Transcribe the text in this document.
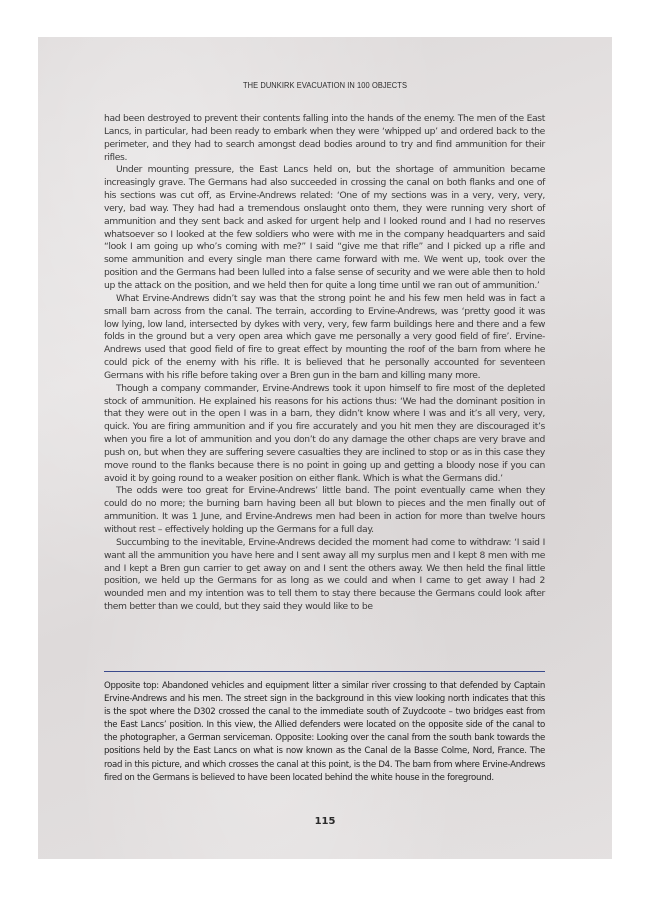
THE DUNKIRK EVACUATION IN 100 OBJECTS

had been destroyed to prevent their contents falling into the hands of the enemy. The men of the East Lancs, in particular, had been ready to embark when they were ‘whipped up’ and ordered back to the perimeter, and they had to search amongst dead bodies around to try and find ammunition for their rifles.

Under mounting pressure, the East Lancs held on, but the shortage of ammunition became increasingly grave. The Germans had also succeeded in crossing the canal on both flanks and one of his sections was cut off, as Ervine-Andrews related: ‘One of my sections was in a very, very, very, very, bad way. They had had a tremendous onslaught onto them, they were running very short of ammunition and they sent back and asked for urgent help and I looked round and I had no reserves whatsoever so I looked at the few soldiers who were with me in the company headquarters and said “look I am going up who’s coming with me?” I said “give me that rifle” and I picked up a rifle and some ammunition and every single man there came forward with me. We went up, took over the position and the Germans had been lulled into a false sense of security and we were able then to hold up the attack on the position, and we held then for quite a long time until we ran out of ammunition.’

What Ervine-Andrews didn’t say was that the strong point he and his few men held was in fact a small barn across from the canal. The terrain, according to Ervine-Andrews, was ‘pretty good it was low lying, low land, intersected by dykes with very, very, few farm buildings here and there and a few folds in the ground but a very open area which gave me personally a very good field of fire’. Ervine-Andrews used that good field of fire to great effect by mounting the roof of the barn from where he could pick of the enemy with his rifle. It is believed that he personally accounted for seventeen Germans with his rifle before taking over a Bren gun in the barn and killing many more.

Though a company commander, Ervine-Andrews took it upon himself to fire most of the depleted stock of ammunition. He explained his reasons for his actions thus: ‘We had the dominant position in that they were out in the open I was in a barn, they didn’t know where I was and it’s all very, very, quick. You are firing ammunition and if you fire accurately and you hit men they are discouraged it’s when you fire a lot of ammunition and you don’t do any damage the other chaps are very brave and push on, but when they are suffering severe casualties they are inclined to stop or as in this case they move round to the flanks because there is no point in going up and getting a bloody nose if you can avoid it by going round to a weaker position on either flank. Which is what the Germans did.’

The odds were too great for Ervine-Andrews’ little band. The point eventually came when they could do no more; the burning barn having been all but blown to pieces and the men finally out of ammunition. It was 1 June, and Ervine-Andrews men had been in action for more than twelve hours without rest – effectively holding up the Germans for a full day.

Succumbing to the inevitable, Ervine-Andrews decided the moment had come to withdraw: ‘I said I want all the ammunition you have here and I sent away all my surplus men and I kept 8 men with me and I kept a Bren gun carrier to get away on and I sent the others away. We then held the final little position, we held up the Germans for as long as we could and when I came to get away I had 2 wounded men and my intention was to tell them to stay there because the Germans could look after them better than we could, but they said they would like to be

Opposite top: Abandoned vehicles and equipment litter a similar river crossing to that defended by Captain Ervine-Andrews and his men. The street sign in the background in this view looking north indicates that this is the spot where the D302 crossed the canal to the immediate south of Zuydcoote – two bridges east from the East Lancs’ position. In this view, the Allied defenders were located on the opposite side of the canal to the photographer, a German serviceman. Opposite: Looking over the canal from the south bank towards the positions held by the East Lancs on what is now known as the Canal de la Basse Colme, Nord, France. The road in this picture, and which crosses the canal at this point, is the D4. The barn from where Ervine-Andrews fired on the Germans is believed to have been located behind the white house in the foreground.
115
